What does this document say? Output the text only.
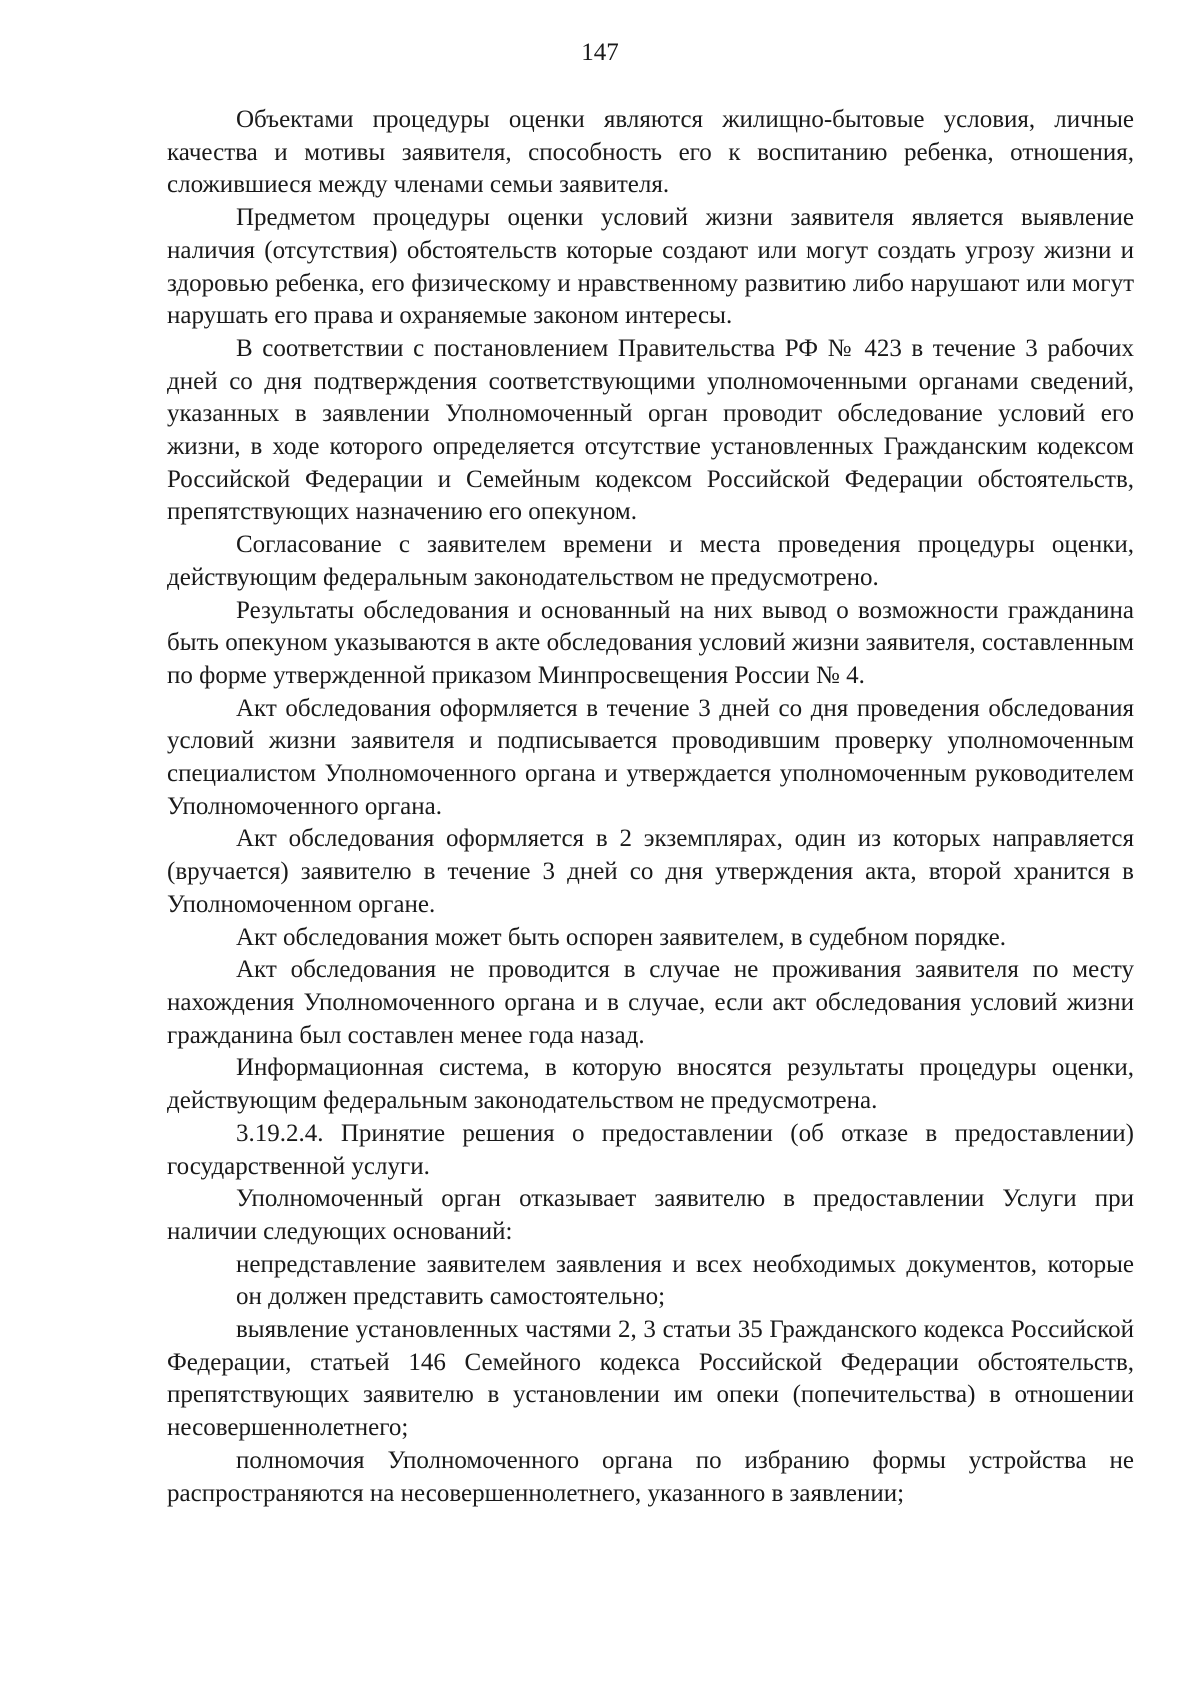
147

Объектами процедуры оценки являются жилищно-бытовые условия, личные качества и мотивы заявителя, способность его к воспитанию ребенка, отношения, сложившиеся между членами семьи заявителя.

Предметом процедуры оценки условий жизни заявителя является выявление наличия (отсутствия) обстоятельств которые создают или могут создать угрозу жизни и здоровью ребенка, его физическому и нравственному развитию либо нарушают или могут нарушать его права и охраняемые законом интересы.

В соответствии с постановлением Правительства РФ № 423 в течение 3 рабочих дней со дня подтверждения соответствующими уполномоченными органами сведений, указанных в заявлении Уполномоченный орган проводит обследование условий его жизни, в ходе которого определяется отсутствие установленных Гражданским кодексом Российской Федерации и Семейным кодексом Российской Федерации обстоятельств, препятствующих назначению его опекуном.

Согласование с заявителем времени и места проведения процедуры оценки, действующим федеральным законодательством не предусмотрено.

Результаты обследования и основанный на них вывод о возможности гражданина быть опекуном указываются в акте обследования условий жизни заявителя, составленным по форме утвержденной приказом Минпросвещения России № 4.

Акт обследования оформляется в течение 3 дней со дня проведения обследования условий жизни заявителя и подписывается проводившим проверку уполномоченным специалистом Уполномоченного органа и утверждается уполномоченным руководителем Уполномоченного органа.

Акт обследования оформляется в 2 экземплярах, один из которых направляется (вручается) заявителю в течение 3 дней со дня утверждения акта, второй хранится в Уполномоченном органе.

Акт обследования может быть оспорен заявителем, в судебном порядке.

Акт обследования не проводится в случае не проживания заявителя по месту нахождения Уполномоченного органа и в случае, если акт обследования условий жизни гражданина был составлен менее года назад.

Информационная система, в которую вносятся результаты процедуры оценки, действующим федеральным законодательством не предусмотрена.

3.19.2.4. Принятие решения о предоставлении (об отказе в предоставлении) государственной услуги.

Уполномоченный орган отказывает заявителю в предоставлении Услуги при наличии следующих оснований:

непредставление заявителем заявления и всех необходимых документов, которые он должен представить самостоятельно;

выявление установленных частями 2, 3 статьи 35 Гражданского кодекса Российской Федерации, статьей 146 Семейного кодекса Российской Федерации обстоятельств, препятствующих заявителю в установлении им опеки (попечительства) в отношении несовершеннолетнего;

полномочия Уполномоченного органа по избранию формы устройства не распространяются на несовершеннолетнего, указанного в заявлении;
